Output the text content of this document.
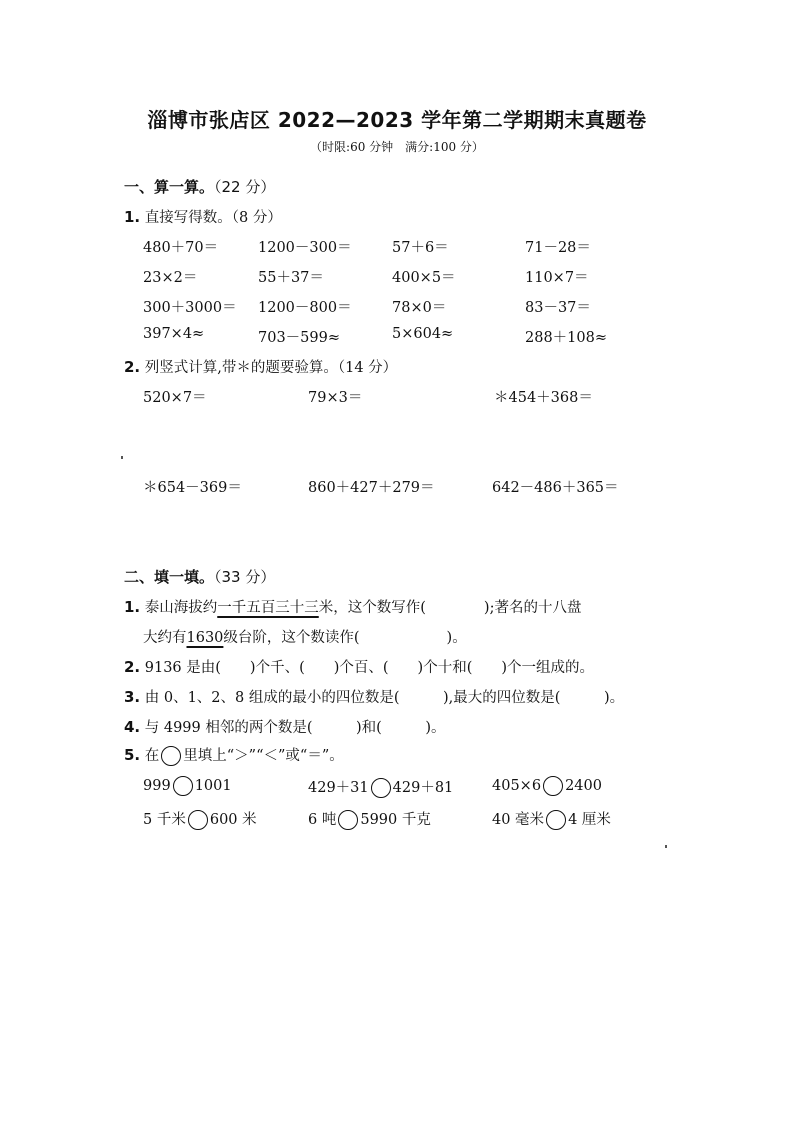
淄博市张店区 2022—2023 学年第二学期期末真题卷
（时限:60 分钟　满分:100 分）
一、算一算。（22 分）
1. 直接写得数。（8 分）
480＋70＝	1200－300＝	57＋6＝	71－28＝
23×2＝	55＋37＝	400×5＝	110×7＝
300＋3000＝ 1200－800＝	78×0＝	83－37＝
397×4≈	703－599≈	5×604≈	288＋108≈
2. 列竖式计算,带＊的题要验算。（14 分）
520×7＝	79×3＝	＊454＋368＝
＊654－369＝	860＋427＋279＝	642－486＋365＝
二、填一填。（33 分）
1. 泰山海拔约一千五百三十三米，这个数写作(　　　　);著名的十八盘
大约有1630级台阶，这个数读作(　　　　　　)。
2. 9136 是由(　　)个千、(　　)个百、(　　)个十和(　　)个一组成的。
3. 由 0、1、2、8 组成的最小的四位数是(　　　),最大的四位数是(　　　)。
4. 与 4999 相邻的两个数是(　　　)和(　　　)。
5. 在 里填上“＞”“＜”或“＝”。
999 1001	429＋31 429＋81	405×6 2400
5 千米 600 米	6 吨 5990 千克	40 毫米 4 厘米
